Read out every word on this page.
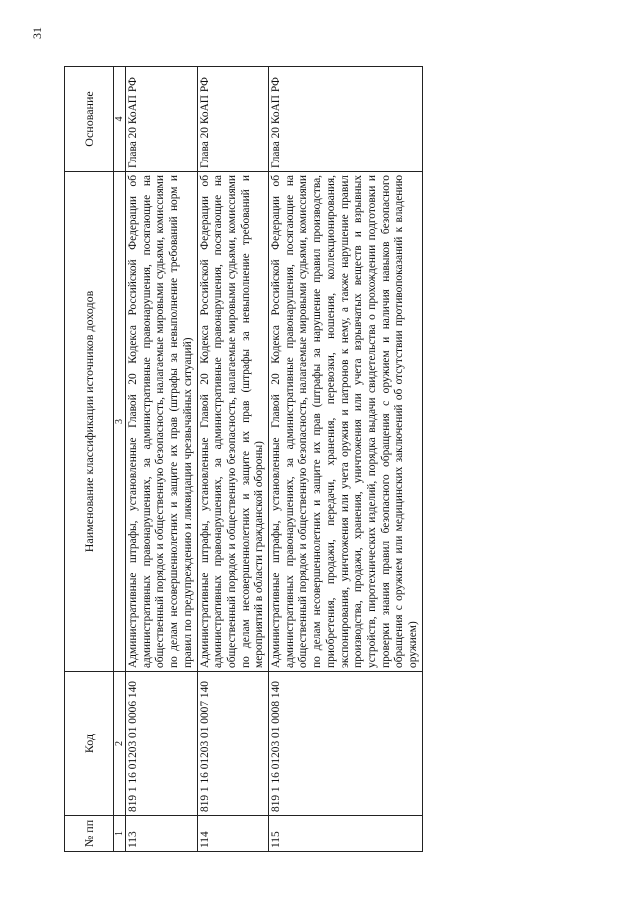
31
№ пп	Код	Наименование классификации источников доходов	Основание
1	2	3	4
113	819 1 16 01203 01 0006 140	Административные штрафы, установленные Главой 20 Кодекса Российской Федерации об административных правонарушениях, за административные правонарушения, посягающие на общественный порядок и общественную безопасность, налагаемые мировыми судьями, комиссиями по делам несовершеннолетних и защите их прав (штрафы за невыполнение требований норм и правил по предупреждению и ликвидации чрезвычайных ситуаций)	Глава 20 КоАП РФ
114	819 1 16 01203 01 0007 140	Административные штрафы, установленные Главой 20 Кодекса Российской Федерации об административных правонарушениях, за административные правонарушения, посягающие на общественный порядок и общественную безопасность, налагаемые мировыми судьями, комиссиями по делам несовершеннолетних и защите их прав (штрафы за невыполнение требований и мероприятий в области гражданской обороны)	Глава 20 КоАП РФ
115	819 1 16 01203 01 0008 140	Административные штрафы, установленные Главой 20 Кодекса Российской Федерации об административных правонарушениях, за административные правонарушения, посягающие на общественный порядок и общественную безопасность, налагаемые мировыми судьями, комиссиями по делам несовершеннолетних и защите их прав (штрафы за нарушение правил производства, приобретения, продажи, передачи, хранения, перевозки, ношения, коллекционирования, экспонирования, уничтожения или учета оружия и патронов к нему, а также нарушение правил производства, продажи, хранения, уничтожения или учета взрывчатых веществ и взрывных устройств, пиротехнических изделий, порядка выдачи свидетельства о прохождении подготовки и проверки знания правил безопасного обращения с оружием и наличия навыков безопасного обращения с оружием или медицинских заключений об отсутствии противопоказаний к владению оружием)	Глава 20 КоАП РФ
